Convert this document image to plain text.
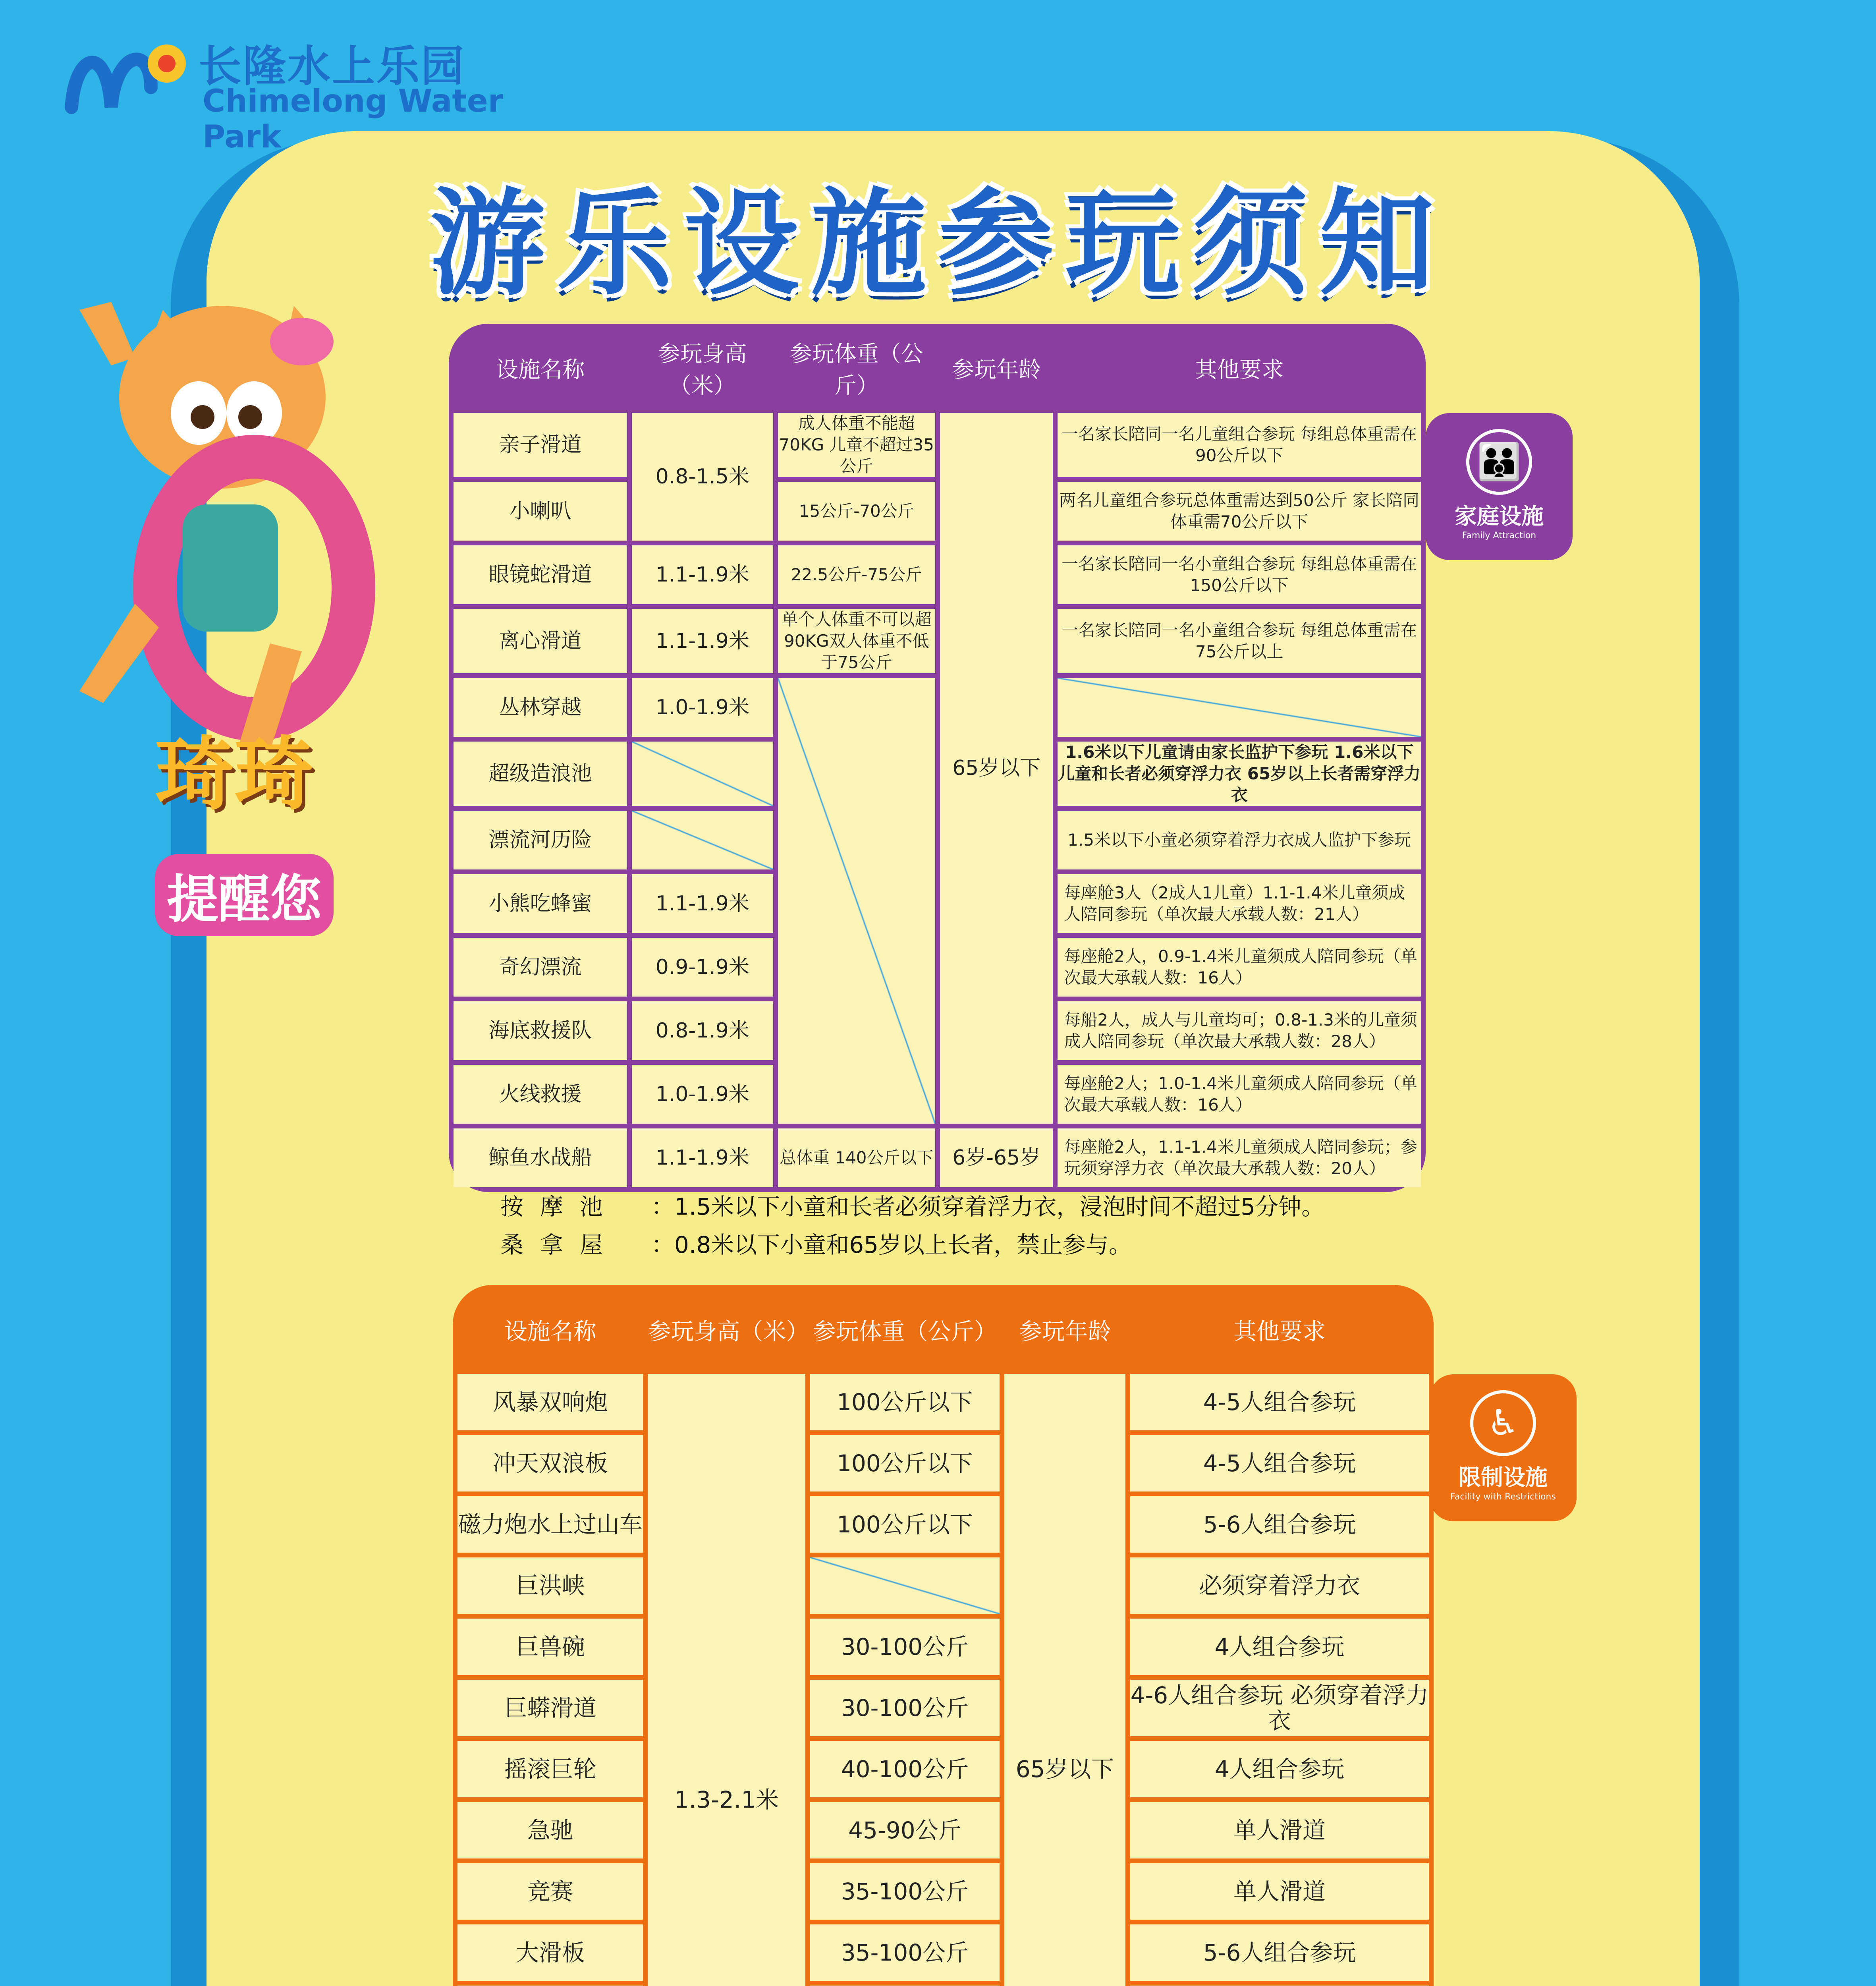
长隆水上乐园
Chimelong Water Park
游乐设施参玩须知
琦琦
提醒您
设施名称	参玩身高（米）	参玩体重（公斤）	参玩年龄	其他要求
亲子滑道	0.8-1.5米	成人体重不能超70KG 儿童不超过35公斤	65岁以下	一名家长陪同一名儿童组合参玩 每组总体重需在90公斤以下
小喇叭		15公斤-70公斤		两名儿童组合参玩总体重需达到50公斤 家长陪同体重需70公斤以下
眼镜蛇滑道	1.1-1.9米	22.5公斤-75公斤		一名家长陪同一名小童组合参玩 每组总体重需在150公斤以下
离心滑道	1.1-1.9米	单个人体重不可以超90KG双人体重不低于75公斤		一名家长陪同一名小童组合参玩 每组总体重需在75公斤以上
丛林穿越	1.0-1.9米			
超级造浪池				1.6米以下儿童请由家长监护下参玩 1.6米以下儿童和长者必须穿浮力衣 65岁以上长者需穿浮力衣
漂流河历险				1.5米以下小童必须穿着浮力衣成人监护下参玩
小熊吃蜂蜜	1.1-1.9米			每座舱3人（2成人1儿童）1.1-1.4米儿童须成人陪同参玩（单次最大承载人数：21人）
奇幻漂流	0.9-1.9米			每座舱2人，0.9-1.4米儿童须成人陪同参玩（单次最大承载人数：16人）
海底救援队	0.8-1.9米			每船2人，成人与儿童均可；0.8-1.3米的儿童须成人陪同参玩（单次最大承载人数：28人）
火线救援	1.0-1.9米			每座舱2人；1.0-1.4米儿童须成人陪同参玩（单次最大承载人数：16人）
鲸鱼水战船	1.1-1.9米	总体重 140公斤以下	6岁-65岁	每座舱2人，1.1-1.4米儿童须成人陪同参玩；参玩须穿浮力衣（单次最大承载人数：20人）
👪
家庭设施
Family Attraction
按摩池 ：1.5米以下小童和长者必须穿着浮力衣，浸泡时间不超过5分钟。
桑拿屋 ：0.8米以下小童和65岁以上长者，禁止参与。
设施名称	参玩身高（米）	参玩体重（公斤）	参玩年龄	其他要求
风暴双响炮	1.3-2.1米	100公斤以下	65岁以下	4-5人组合参玩
冲天双浪板		100公斤以下		4-5人组合参玩
磁力炮水上过山车		100公斤以下		5-6人组合参玩
巨洪峡				必须穿着浮力衣
巨兽碗		30-100公斤		4人组合参玩
巨蟒滑道		30-100公斤		4-6人组合参玩 必须穿着浮力衣
摇滚巨轮		40-100公斤		4人组合参玩
急驰		45-90公斤		单人滑道
竞赛		35-100公斤		单人滑道
大滑板		35-100公斤		5-6人组合参玩

♿
限制设施
Facility with Restrictions
